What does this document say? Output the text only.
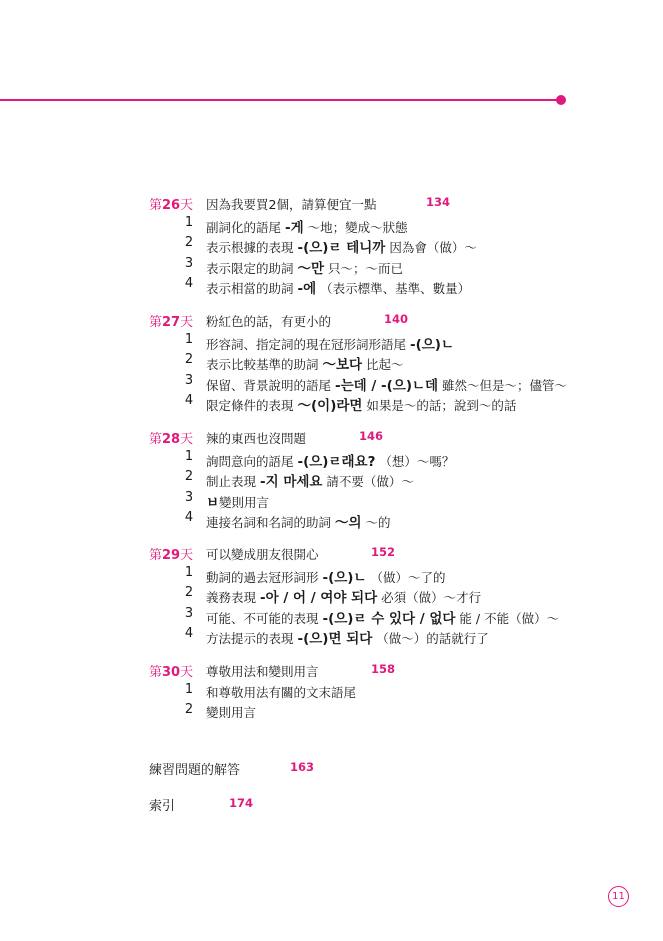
第26天 因為我要買2個，請算便宜一點	134
1 副詞化的語尾 -게 ～地；變成～狀態
2 表示根據的表現 -(으)ㄹ 테니까 因為會（做）～
3 表示限定的助詞 ～만 只～；～而已
4 表示相當的助詞 -에 （表示標準、基準、數量）
第27天 粉紅色的話，有更小的	140
1 形容詞、指定詞的現在冠形詞形語尾 -(으)ㄴ
2 表示比較基準的助詞 ～보다 比起～
3 保留、背景說明的語尾 -는데 / -(으)ㄴ데 雖然～但是～；儘管～
4 限定條件的表現 ～(이)라면 如果是～的話；說到～的話
第28天 辣的東西也沒問題	146
1 詢問意向的語尾 -(으)ㄹ래요? （想）～嗎？
2 制止表現 -지 마세요 請不要（做）～
3 ㅂ變則用言
4 連接名詞和名詞的助詞 ～의 ～的
第29天 可以變成朋友很開心	152
1 動詞的過去冠形詞形 -(으)ㄴ （做）～了的
2 義務表現 -아 / 어 / 여야 되다 必須（做）～才行
3 可能、不可能的表現 -(으)ㄹ 수 있다 / 없다 能 / 不能（做）～
4 方法提示的表現 -(으)면 되다 （做～）的話就行了
第30天 尊敬用法和變則用言	158
1 和尊敬用法有關的文末語尾
2 變則用言
練習問題的解答	163
索引	174
11
